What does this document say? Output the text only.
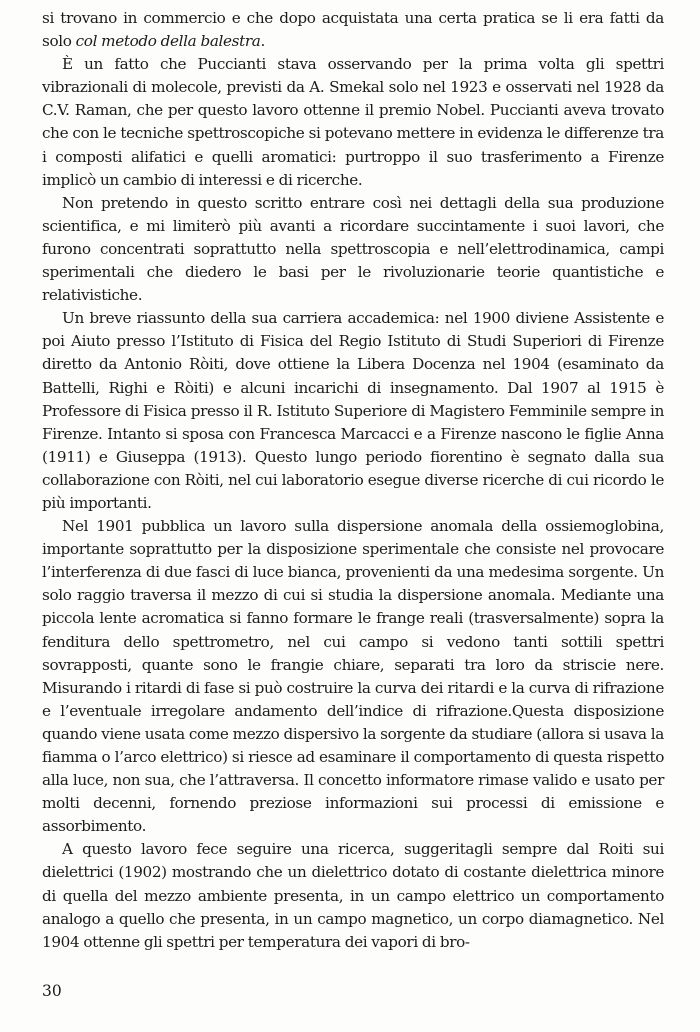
si trovano in commercio e che dopo acquistata una certa pratica se li era fatti da solo col metodo della balestra.

È un fatto che Puccianti stava osservando per la prima volta gli spettri vibrazionali di molecole, previsti da A. Smekal solo nel 1923 e osservati nel 1928 da C.V. Raman, che per questo lavoro ottenne il premio Nobel. Puccianti aveva trovato che con le tecniche spettroscopiche si potevano mettere in evidenza le differenze tra i composti alifatici e quelli aromatici: purtroppo il suo trasferimento a Firenze implicò un cambio di interessi e di ricerche.

Non pretendo in questo scritto entrare così nei dettagli della sua produzione scientifica, e mi limiterò più avanti a ricordare succintamente i suoi lavori, che furono concentrati soprattutto nella spettroscopia e nell’elettrodinamica, campi sperimentali che diedero le basi per le rivoluzionarie teorie quantistiche e relativistiche.

Un breve riassunto della sua carriera accademica: nel 1900 diviene Assistente e poi Aiuto presso l’Istituto di Fisica del Regio Istituto di Studi Superiori di Firenze diretto da Antonio Ròiti, dove ottiene la Libera Docenza nel 1904 (esaminato da Battelli, Righi e Ròiti) e alcuni incarichi di insegnamento. Dal 1907 al 1915 è Professore di Fisica presso il R. Istituto Superiore di Magistero Femminile sempre in Firenze. Intanto si sposa con Francesca Marcacci e a Firenze nascono le figlie Anna (1911) e Giuseppa (1913). Questo lungo periodo fiorentino è segnato dalla sua collaborazione con Ròiti, nel cui laboratorio esegue diverse ricerche di cui ricordo le più importanti.

Nel 1901 pubblica un lavoro sulla dispersione anomala della ossiemoglobina, importante soprattutto per la disposizione sperimentale che consiste nel provocare l’interferenza di due fasci di luce bianca, provenienti da una medesima sorgente. Un solo raggio traversa il mezzo di cui si studia la dispersione anomala. Mediante una piccola lente acromatica si fanno formare le frange reali (trasversalmente) sopra la fenditura dello spettrometro, nel cui campo si vedono tanti sottili spettri sovrapposti, quante sono le frangie chiare, separati tra loro da striscie nere. Misurando i ritardi di fase si può costruire la curva dei ritardi e la curva di rifrazione e l’eventuale irregolare andamento dell’indice di rifrazione.Questa disposizione quando viene usata come mezzo dispersivo la sorgente da studiare (allora si usava la fiamma o l’arco elettrico) si riesce ad esaminare il comportamento di questa rispetto alla luce, non sua, che l’attraversa. Il concetto informatore rimase valido e usato per molti decenni, fornendo preziose informazioni sui processi di emissione e assorbimento.

A questo lavoro fece seguire una ricerca, suggeritagli sempre dal Roiti sui dielettrici (1902) mostrando che un dielettrico dotato di costante dielettrica minore di quella del mezzo ambiente presenta, in un campo elettrico un comportamento analogo a quello che presenta, in un campo magnetico, un corpo diamagnetico. Nel 1904 ottenne gli spettri per temperatura dei vapori di bro-

30
